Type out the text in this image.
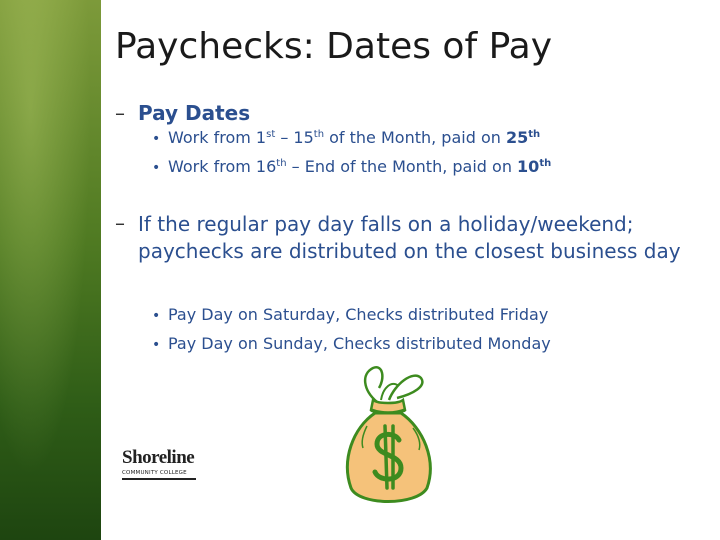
Paychecks: Dates of Pay
– Pay Dates
• Work from 1st – 15th of the Month, paid on 25th
• Work from 16th – End of the Month, paid on 10th
– If the regular pay day falls on a holiday/weekend; paychecks are distributed on the closest business day
• Pay Day on Saturday, Checks distributed Friday
• Pay Day on Sunday, Checks distributed Monday
Shoreline
COMMUNITY COLLEGE
